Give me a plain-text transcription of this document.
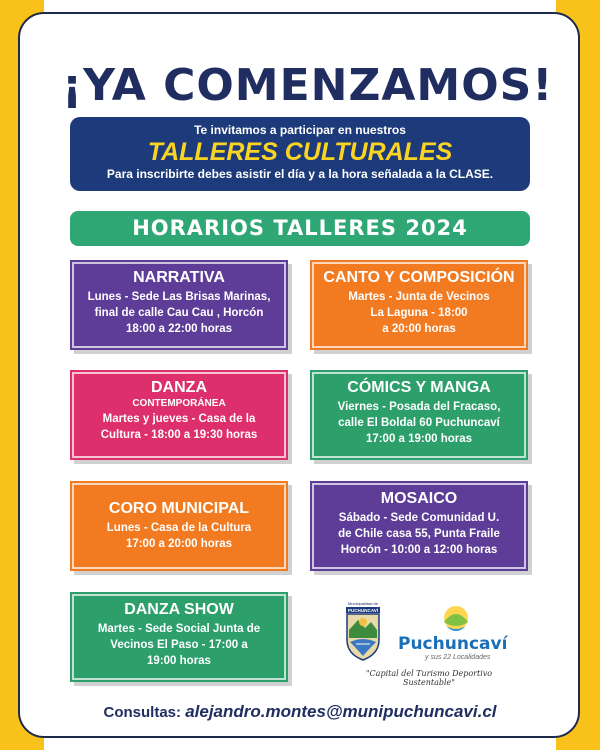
¡YA COMENZAMOS!
Te invitamos a participar en nuestros
TALLERES CULTURALES
Para inscribirte debes asistir el día y a la hora señalada a la CLASE.
HORARIOS TALLERES 2024
NARRATIVA
Lunes - Sede Las Brisas Marinas,
final de calle Cau Cau , Horcón
18:00 a 22:00 horas
CANTO Y COMPOSICIÓN
Martes - Junta de Vecinos
La Laguna - 18:00
a 20:00 horas
DANZA
CONTEMPORÁNEA
Martes y jueves - Casa de la
Cultura - 18:00 a 19:30 horas
CÓMICS Y MANGA
Viernes - Posada del Fracaso,
calle El Boldal 60 Puchuncaví
17:00 a 19:00 horas
CORO MUNICIPAL
Lunes - Casa de la Cultura
17:00 a 20:00 horas
MOSAICO
Sábado - Sede Comunidad U.
de Chile casa 55, Punta Fraile
Horcón - 10:00 a 12:00 horas
DANZA SHOW
Martes - Sede Social Junta de
Vecinos El Paso - 17:00 a
19:00 horas
Municipalidad de
PUCHUNCAVÍ
Puchuncaví
y sus 22 Localidades
"Capital del Turismo Deportivo Sustentable"
Consultas: alejandro.montes@munipuchuncavi.cl
